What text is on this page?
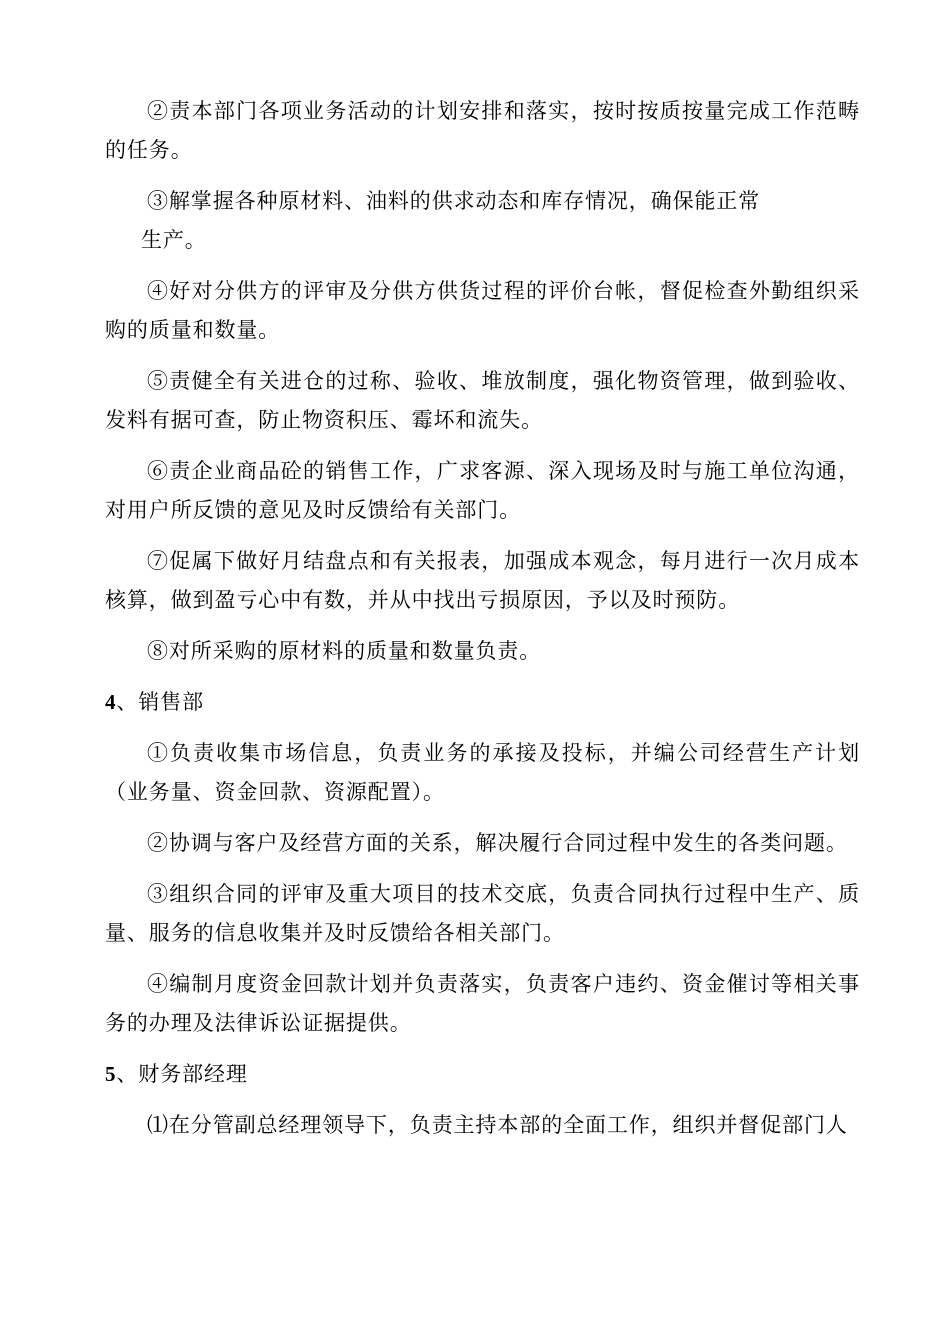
②责本部门各项业务活动的计划安排和落实，按时按质按量完成工作范畴的任务。

③解掌握各种原材料、油料的供求动态和库存情况，确保能正常
生产。

④好对分供方的评审及分供方供货过程的评价台帐，督促检查外勤组织采购的质量和数量。

⑤责健全有关进仓的过称、验收、堆放制度，强化物资管理，做到验收、发料有据可查，防止物资积压、霉坏和流失。

⑥责企业商品砼的销售工作，广求客源、深入现场及时与施工单位沟通，对用户所反馈的意见及时反馈给有关部门。

⑦促属下做好月结盘点和有关报表，加强成本观念，每月进行一次月成本核算，做到盈亏心中有数，并从中找出亏损原因，予以及时预防。

⑧对所采购的原材料的质量和数量负责。

4、销售部

①负责收集市场信息，负责业务的承接及投标，并编公司经营生产计划（业务量、资金回款、资源配置）。

②协调与客户及经营方面的关系，解决履行合同过程中发生的各类问题。

③组织合同的评审及重大项目的技术交底，负责合同执行过程中生产、质量、服务的信息收集并及时反馈给各相关部门。

④编制月度资金回款计划并负责落实，负责客户违约、资金催讨等相关事务的办理及法律诉讼证据提供。

5、财务部经理

⑴在分管副总经理领导下，负责主持本部的全面工作，组织并督促部门人
